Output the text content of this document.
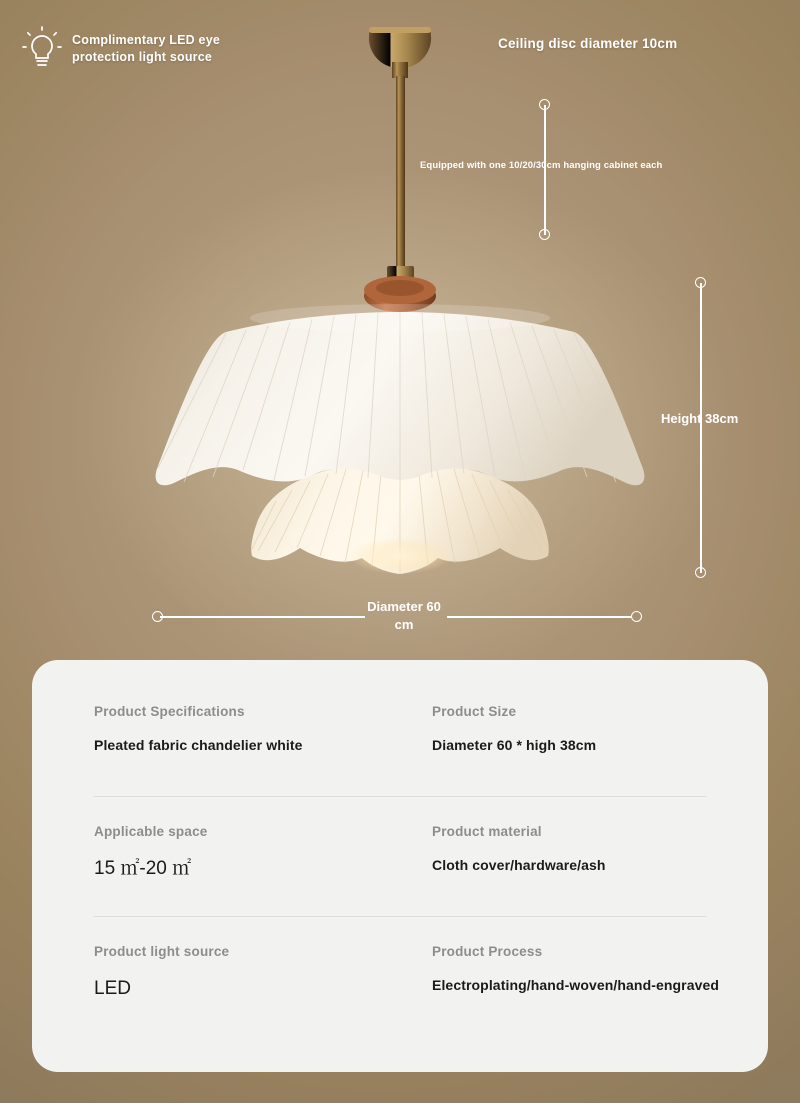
Complimentary LED eye protection light source
Ceiling disc diameter 10cm
Equipped with one 10/20/30cm hanging cabinet each
Height 38cm
Diameter 60 cm
Product Specifications
Pleated fabric chandelier white
Product Size
Diameter 60 * high 38cm
Applicable space
15 ㎡-20 ㎡
Product material
Cloth cover/hardware/ash
Product light source
LED
Product Process
Electroplating/hand-woven/hand-engraved
